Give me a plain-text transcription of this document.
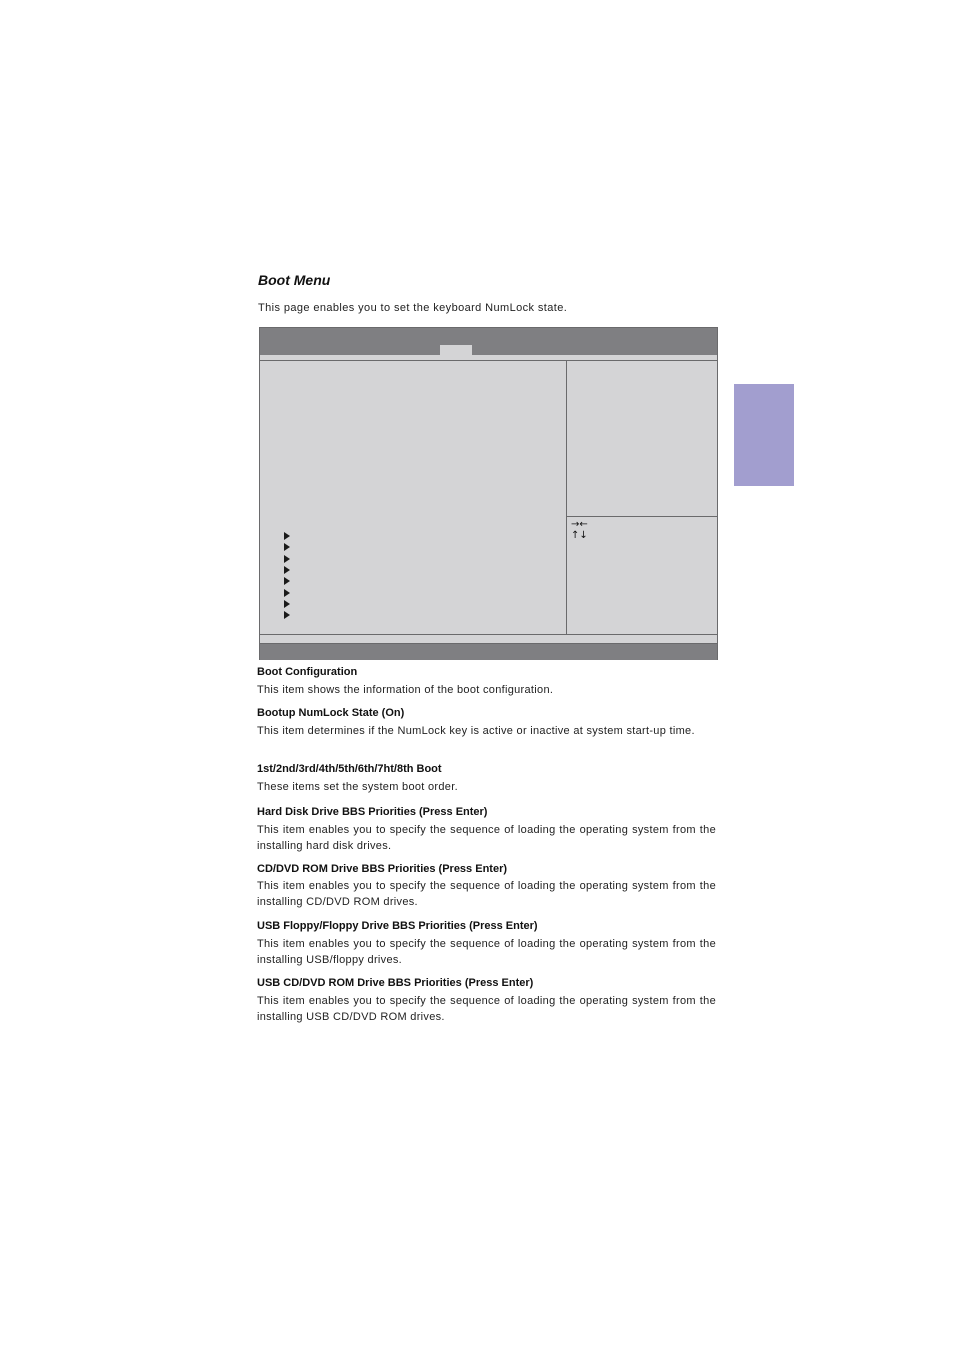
Boot Menu
This page enables you to set the keyboard NumLock state.
→←
↑↓
Boot Configuration
This item shows the information of the boot configuration.
Bootup NumLock State (On)
This item determines if the NumLock key is active or inactive at system start-up time.
1st/2nd/3rd/4th/5th/6th/7ht/8th Boot
These items set the system boot order.
Hard Disk Drive BBS Priorities (Press Enter)
This item enables you to specify the sequence of loading the operating system from the installing hard disk drives.
CD/DVD ROM Drive BBS Priorities (Press Enter)
This item enables you to specify the sequence of loading the operating system from the installing CD/DVD ROM drives.
USB Floppy/Floppy Drive BBS Priorities (Press Enter)
This item enables you to specify the sequence of loading the operating system from the installing USB/floppy drives.
USB CD/DVD ROM Drive BBS Priorities (Press Enter)
This item enables you to specify the sequence of loading the operating system from the installing USB CD/DVD ROM drives.
